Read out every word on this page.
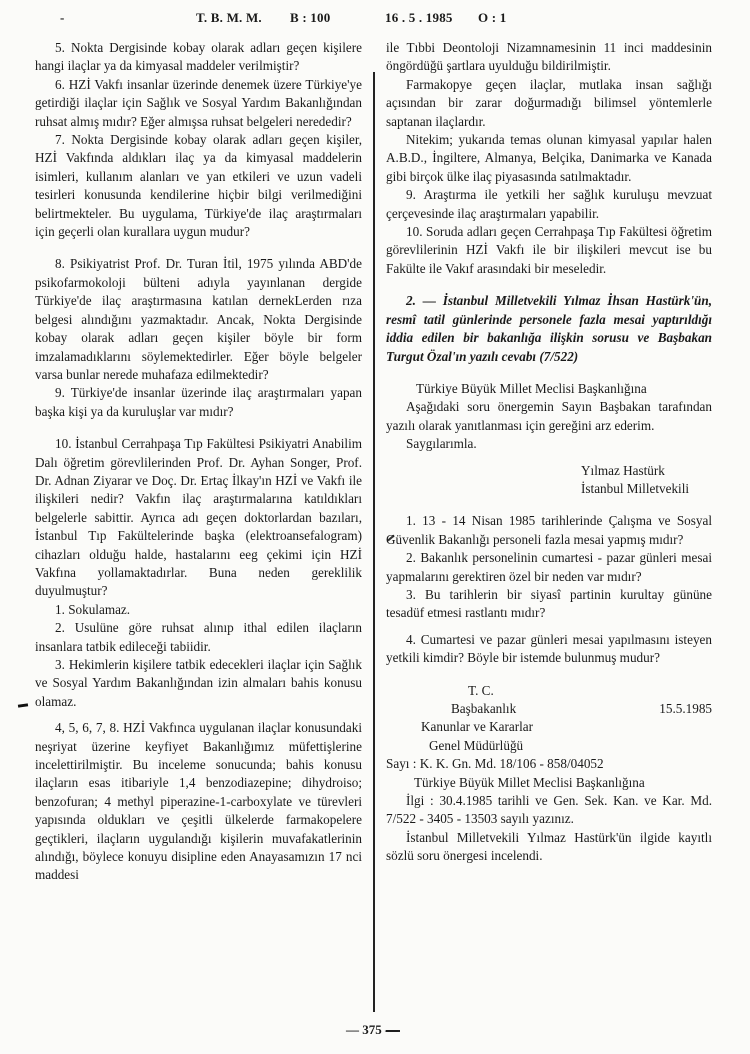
-	T. B. M. M. B : 100	16 . 5 . 1985 O : 1

5. Nokta Dergisinde kobay olarak adları geçen kişilere hangi ilaçlar ya da kimyasal maddeler verilmiştir?

6. HZİ Vakfı insanlar üzerinde denemek üzere Türkiye'ye getirdiği ilaçlar için Sağlık ve Sosyal Yardım Bakanlığından ruhsat almış mıdır? Eğer almışsa ruhsat belgeleri nerededir?

7. Nokta Dergisinde kobay olarak adları geçen kişiler, HZİ Vakfında aldıkları ilaç ya da kimyasal maddelerin isimleri, kullanım alanları ve yan etkileri ve uzun vadeli tesirleri konusunda kendilerine hiçbir bilgi verilmediğini belirtmekteler. Bu uygulama, Türkiye'de ilaç araştırmaları için geçerli olan kurallara uygun mudur?

8. Psikiyatrist Prof. Dr. Turan İtil, 1975 yılında ABD'de psikofarmokoloji bülteni adıyla yayınlanan dergide Türkiye'de ilaç araştırmasına katılan dernekLerden rıza belgesi alındığını yazmaktadır. Ancak, Nokta Dergisinde kobay olarak adları geçen kişiler böyle bir form imzalamadıklarını söylemektedirler. Eğer böyle belgeler varsa bunlar nerede muhafaza edilmektedir?

9. Türkiye'de insanlar üzerinde ilaç araştırmaları yapan başka kişi ya da kuruluşlar var mıdır?

10. İstanbul Cerrahpaşa Tıp Fakültesi Psikiyatri Anabilim Dalı öğretim görevlilerinden Prof. Dr. Ayhan Songer, Prof. Dr. Adnan Ziyarar ve Doç. Dr. Ertaç İlkay'ın HZİ ve Vakfı ile ilişkileri nedir? Vakfın ilaç araştırmalarına katıldıkları belgelerle sabittir. Ayrıca adı geçen doktorlardan bazıları, İstanbul Tıp Fakültelerinde başka (elektroansefalogram) cihazları olduğu halde, hastalarını eeg çekimi için HZİ Vakfına yollamaktadırlar. Buna neden gereklilik duyulmuştur?

1. Sokulamaz.

2. Usulüne göre ruhsat alınıp ithal edilen ilaçların insanlara tatbik edileceği tabiidir.

3. Hekimlerin kişilere tatbik edecekleri ilaçlar için Sağlık ve Sosyal Yardım Bakanlığından izin almaları bahis konusu olamaz.

4, 5, 6, 7, 8. HZİ Vakfınca uygulanan ilaçlar konusundaki neşriyat üzerine keyfiyet Bakanlığımız müfettişlerine incelettirilmiştir. Bu inceleme sonucunda; bahis konusu ilaçların esas itibariyle 1,4 benzodiazepine; dihydroiso; benzofuran; 4 methyl piperazine-1-carboxylate ve türevleri yapısında oldukları ve çeşitli ülkelerde farmakopelere geçtikleri, ilaçların uygulandığı kişilerin muvafakatlerinin alındığı, böylece konuyu disipline eden Anayasamızın 17 nci maddesi

ile Tıbbi Deontoloji Nizamnamesinin 11 inci maddesinin öngördüğü şartlara uyulduğu bildirilmiştir.

Farmakopye geçen ilaçlar, mutlaka insan sağlığı açısından bir zarar doğurmadığı bilimsel yöntemlerle saptanan ilaçlardır.

Nitekim; yukarıda temas olunan kimyasal yapılar halen A.B.D., İngiltere, Almanya, Belçika, Danimarka ve Kanada gibi birçok ülke ilaç piyasasında satılmaktadır.

9. Araştırma ile yetkili her sağlık kuruluşu mevzuat çerçevesinde ilaç araştırmaları yapabilir.

10. Soruda adları geçen Cerrahpaşa Tıp Fakültesi öğretim görevlilerinin HZİ Vakfı ile bir ilişkileri mevcut ise bu Fakülte ile Vakıf arasındaki bir meseledir.

2. — İstanbul Milletvekili Yılmaz İhsan Hastürk'ün, resmî tatil günlerinde personele fazla mesai yaptırıldığı iddia edilen bir bakanlığa ilişkin sorusu ve Başbakan Turgut Özal'ın yazılı cevabı (7/522)

Türkiye Büyük Millet Meclisi Başkanlığına

Aşağıdaki soru önergemin Sayın Başbakan tarafından yazılı olarak yanıtlanması için gereğini arz ederim.

Saygılarımla.

Yılmaz Hastürk

İstanbul Milletvekili

1. 13 - 14 Nisan 1985 tarihlerinde Çalışma ve Sosyal Güvenlik Bakanlığı personeli fazla mesai yapmış mıdır?

2. Bakanlık personelinin cumartesi - pazar günleri mesai yapmalarını gerektiren özel bir neden var mıdır?

3. Bu tarihlerin bir siyasî partinin kurultay gününe tesadüf etmesi rastlantı mıdır?

4. Cumartesi ve pazar günleri mesai yapılmasını isteyen yetkili kimdir? Böyle bir istemde bulunmuş mudur?

T. C.

Başbakanlık	15.5.1985

Kanunlar ve Kararlar

Genel Müdürlüğü

Sayı : K. K. Gn. Md. 18/106 - 858/04052

Türkiye Büyük Millet Meclisi Başkanlığına

İlgi : 30.4.1985 tarihli ve Gen. Sek. Kan. ve Kar. Md. 7/522 - 3405 - 13503 sayılı yazınız.

İstanbul Milletvekili Yılmaz Hastürk'ün ilgide kayıtlı sözlü soru önergesi incelendi.

— 375 —
